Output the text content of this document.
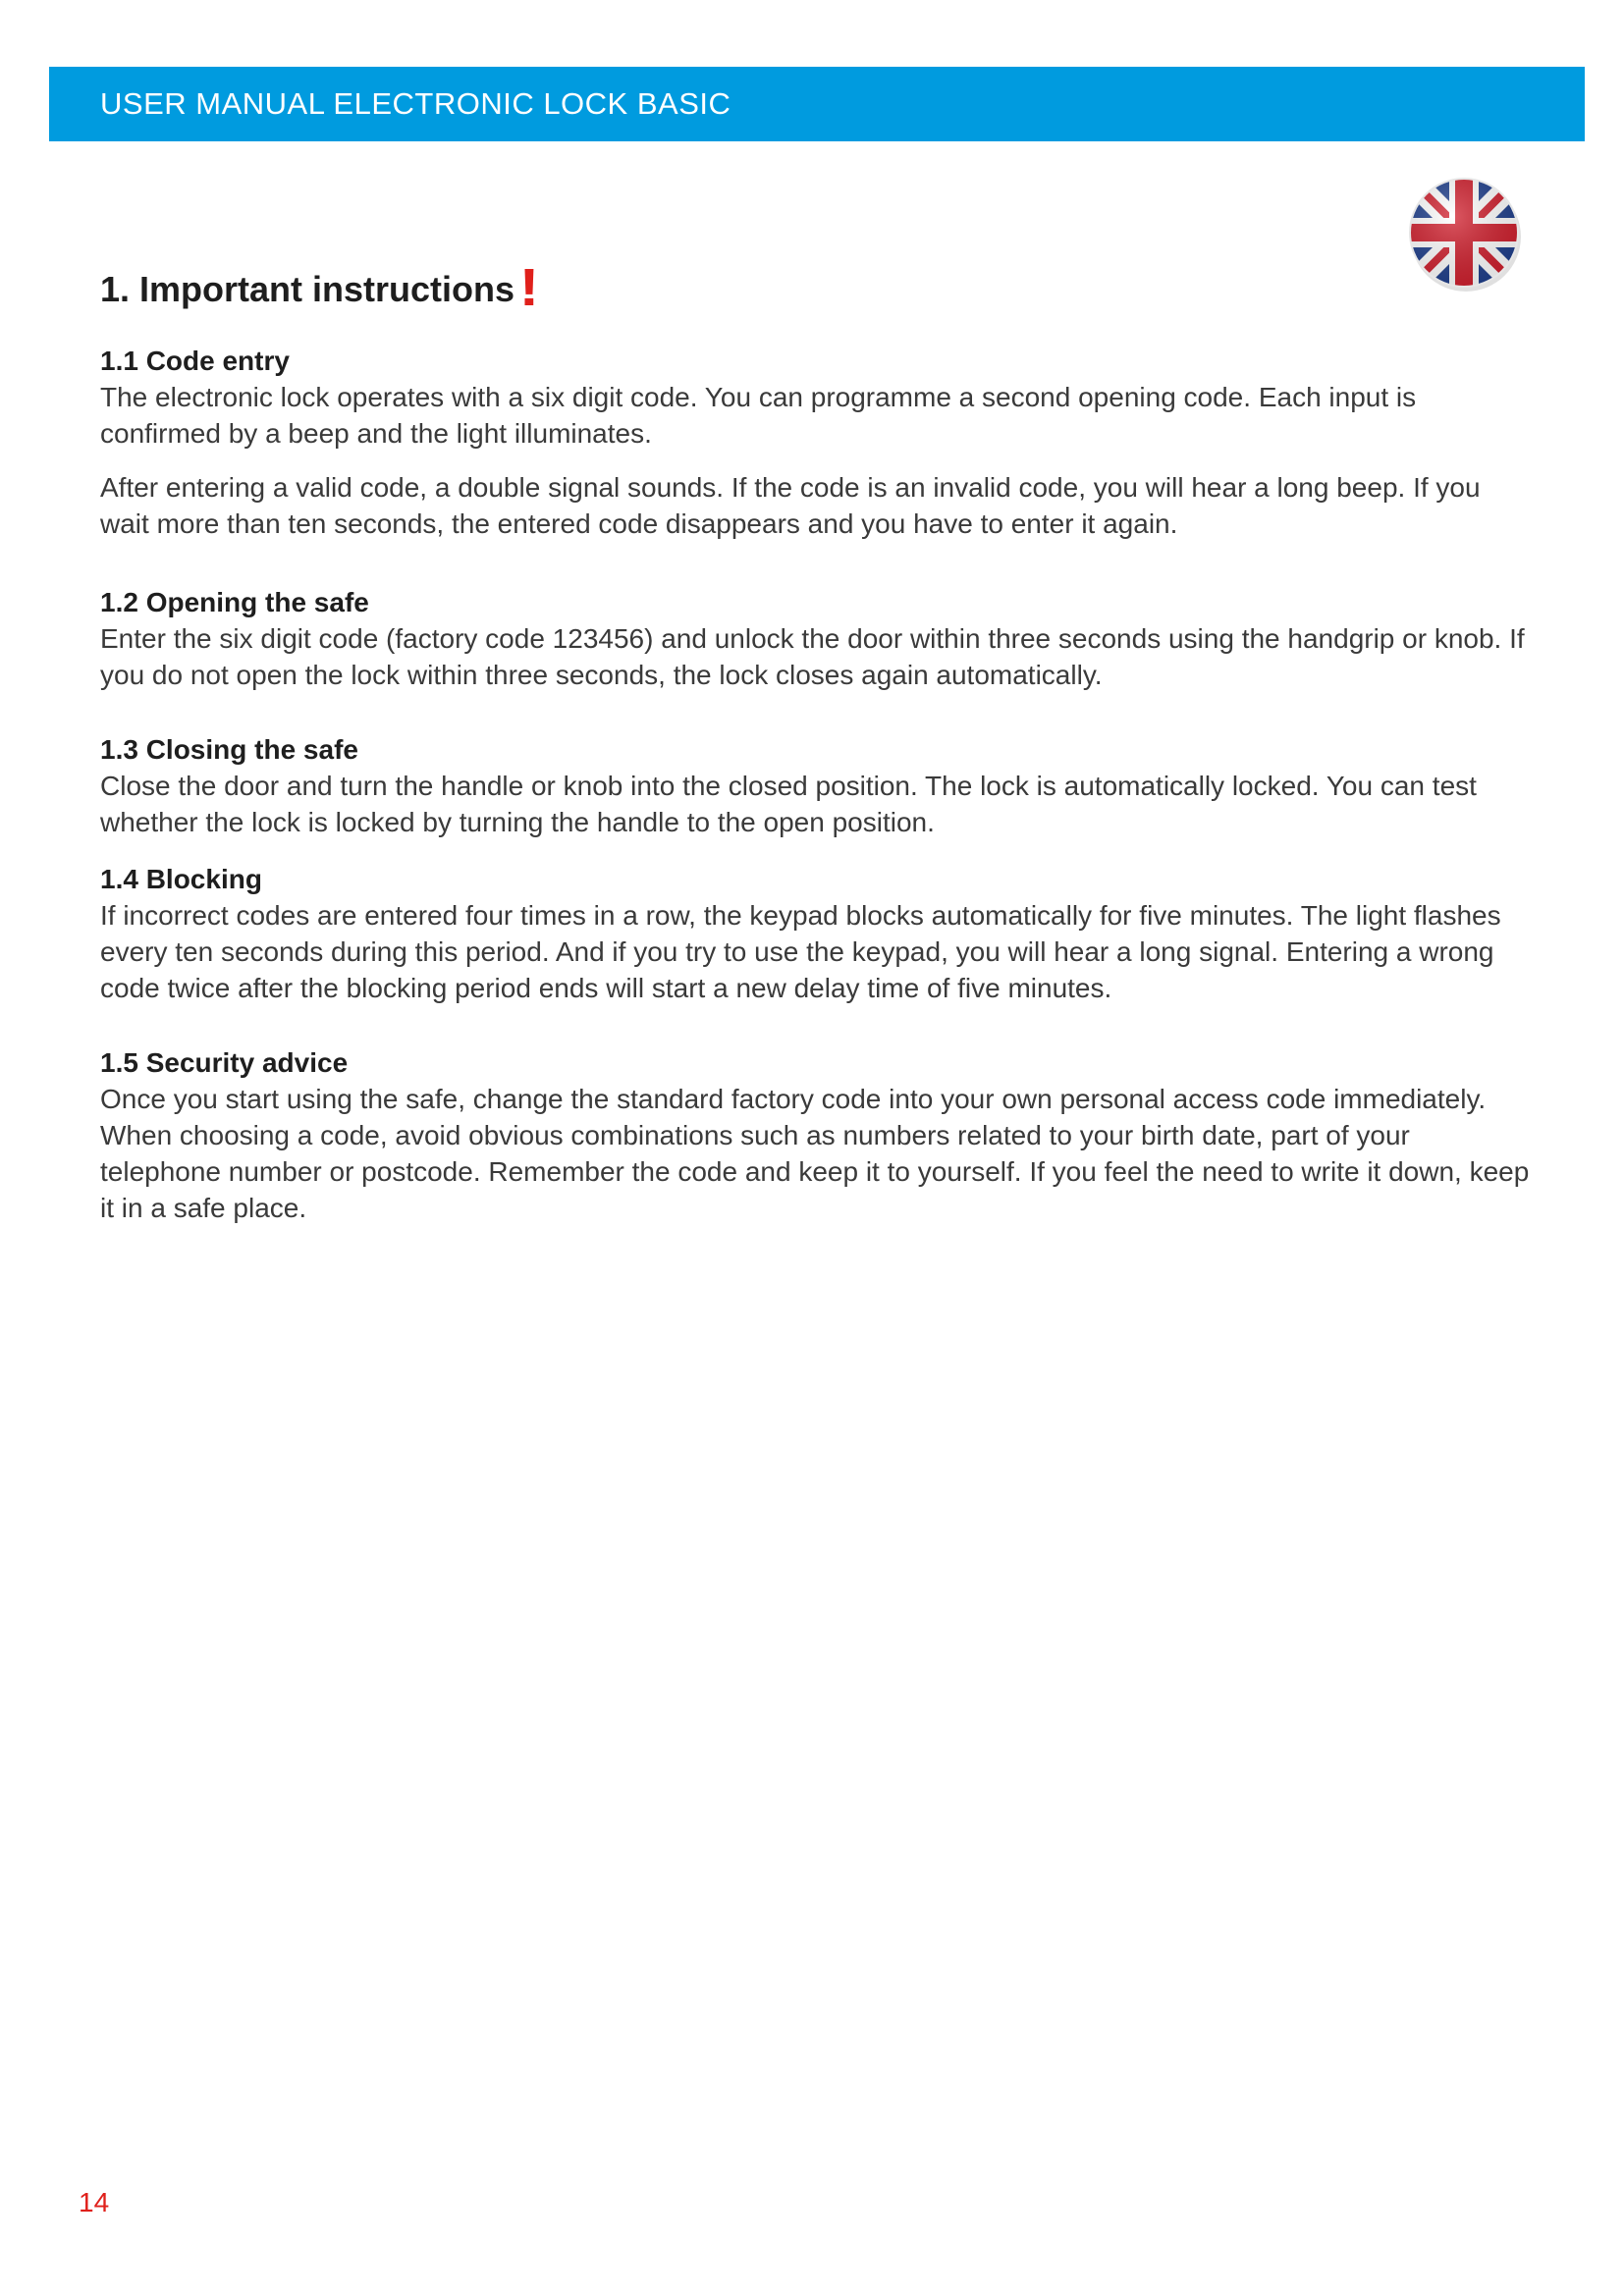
USER MANUAL ELECTRONIC LOCK BASIC
1. Important instructions!

1.1 Code entry

The electronic lock operates with a six digit code. You can programme a second opening code. Each input is confirmed by a beep and the light illuminates.

After entering a valid code, a double signal sounds. If the code is an invalid code, you will hear a long beep. If you wait more than ten seconds, the entered code disappears and you have to enter it again.

1.2 Opening the safe

Enter the six digit code (factory code 123456) and unlock the door within three seconds using the handgrip or knob. If you do not open the lock within three seconds, the lock closes again automatically.

1.3 Closing the safe

Close the door and turn the handle or knob into the closed position. The lock is automatically locked. You can test whether the lock is locked by turning the handle to the open position.

1.4 Blocking

If incorrect codes are entered four times in a row, the keypad blocks automatically for five minutes. The light flashes every ten seconds during this period. And if you try to use the keypad, you will hear a long signal. Entering a wrong code twice after the blocking period ends will start a new delay time of five minutes.

1.5 Security advice

Once you start using the safe, change the standard factory code into your own personal access code immediately. When choosing a code, avoid obvious combinations such as numbers related to your birth date, part of your telephone number or postcode. Remember the code and keep it to yourself. If you feel the need to write it down, keep it in a safe place.

14
